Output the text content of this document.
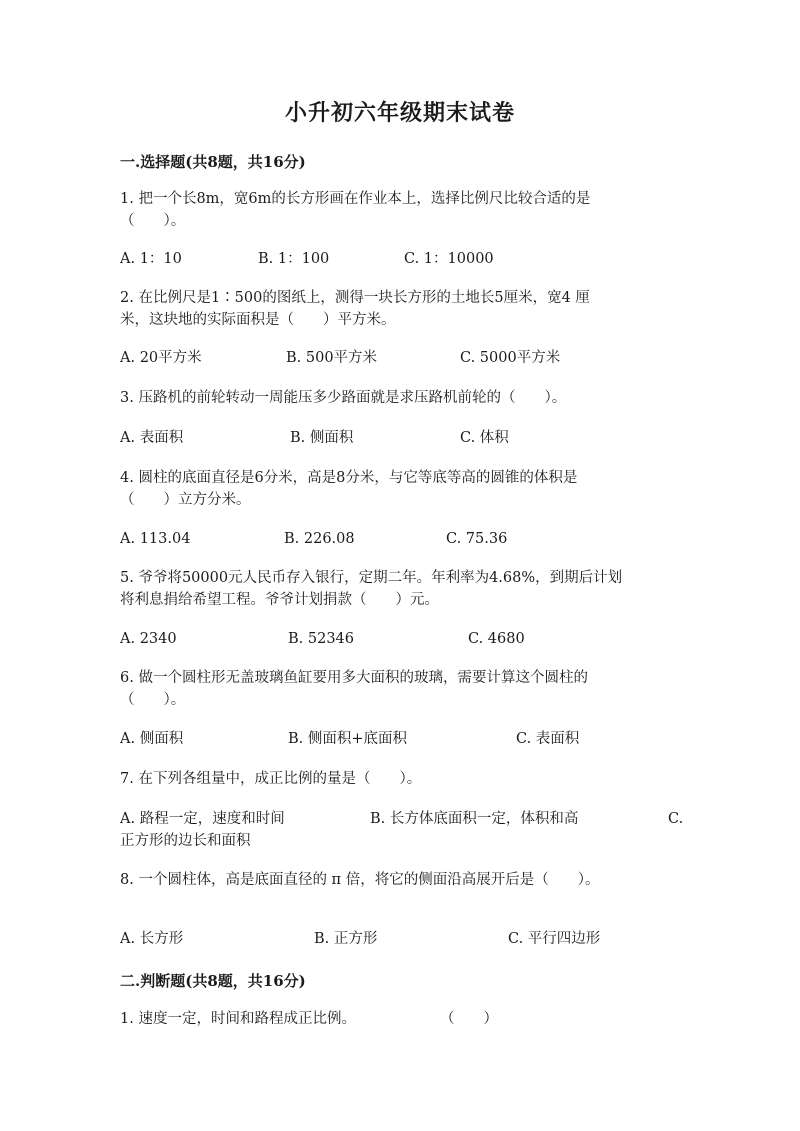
小升初六年级期末试卷
一.选择题(共8题，共16分)
1. 把一个长8m，宽6m的长方形画在作业本上，选择比例尺比较合适的是
（　　）。
A. 1：10	B. 1：100	C. 1：10000
2. 在比例尺是1∶500的图纸上，测得一块长方形的土地长5厘米，宽4 厘
米，这块地的实际面积是（　　）平方米。
A. 20平方米	B. 500平方米	C. 5000平方米
3. 压路机的前轮转动一周能压多少路面就是求压路机前轮的（　　）。
A. 表面积	B. 侧面积	C. 体积
4. 圆柱的底面直径是6分米，高是8分米，与它等底等高的圆锥的体积是
（　　）立方分米。
A. 113.04	B. 226.08	C. 75.36
5. 爷爷将50000元人民币存入银行，定期二年。年利率为4.68%，到期后计划
将利息捐给希望工程。爷爷计划捐款（　　）元。
A. 2340	B. 52346	C. 4680
6. 做一个圆柱形无盖玻璃鱼缸要用多大面积的玻璃，需要计算这个圆柱的
（　　）。
A. 侧面积	B. 侧面积+底面积	C. 表面积
7. 在下列各组量中，成正比例的量是（　　）。
A. 路程一定，速度和时间	B. 长方体底面积一定，体积和高	C.
正方形的边长和面积
8. 一个圆柱体，高是底面直径的 π 倍，将它的侧面沿高展开后是（　　）。
A. 长方形	B. 正方形	C. 平行四边形
二.判断题(共8题，共16分)
1. 速度一定，时间和路程成正比例。	（　　）
